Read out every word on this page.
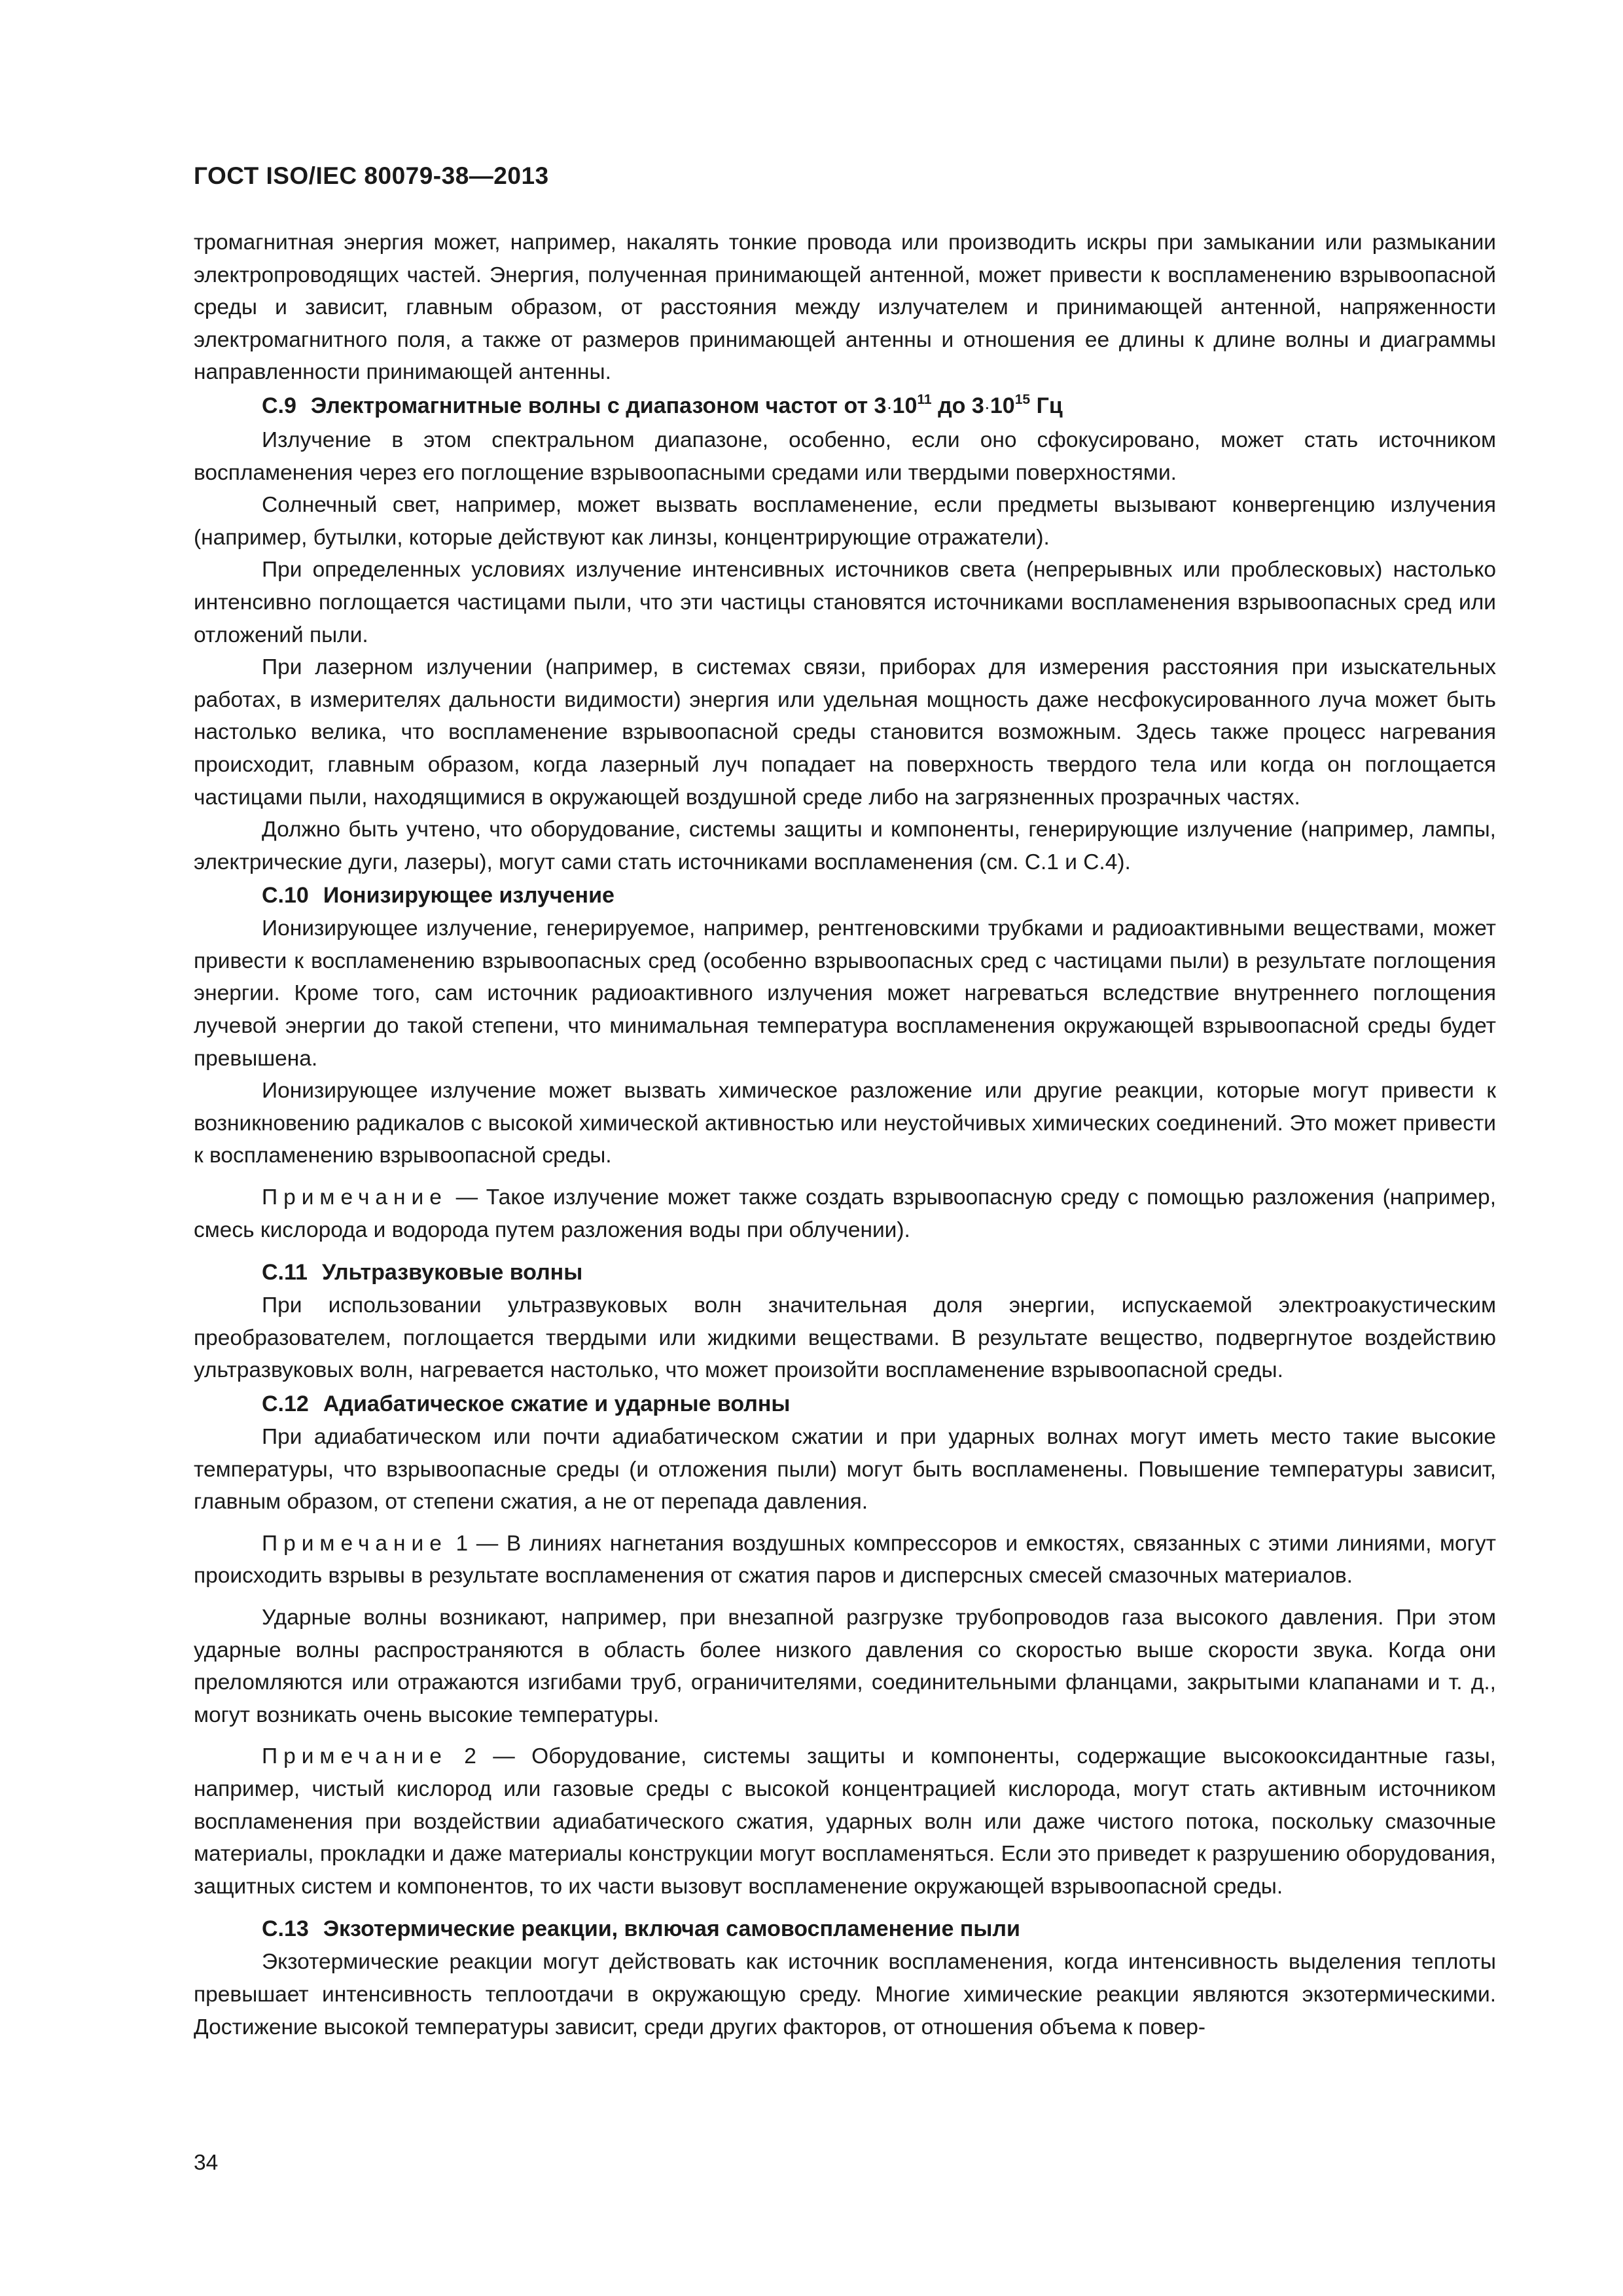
ГОСТ ISO/IEC 80079-38—2013

тромагнитная энергия может, например, накалять тонкие провода или производить искры при замыкании или размыкании электропроводящих частей. Энергия, полученная принимающей антенной, может привести к воспламенению взрывоопасной среды и зависит, главным образом, от расстояния между излучателем и принимающей антенной, напряженности электромагнитного поля, а также от размеров принимающей антенны и отношения ее длины к длине волны и диаграммы направленности принимающей антенны.

С.9 Электромагнитные волны с диапазоном частот от $3\cdot 10^{11}$ до $3\cdot 10^{15}$ Гц

Излучение в этом спектральном диапазоне, особенно, если оно сфокусировано, может стать источником воспламенения через его поглощение взрывоопасными средами или твердыми поверхностями.

Солнечный свет, например, может вызвать воспламенение, если предметы вызывают конвергенцию излучения (например, бутылки, которые действуют как линзы, концентрирующие отражатели).

При определенных условиях излучение интенсивных источников света (непрерывных или проблесковых) настолько интенсивно поглощается частицами пыли, что эти частицы становятся источниками воспламенения взрывоопасных сред или отложений пыли.

При лазерном излучении (например, в системах связи, приборах для измерения расстояния при изыскательных работах, в измерителях дальности видимости) энергия или удельная мощность даже несфокусированного луча может быть настолько велика, что воспламенение взрывоопасной среды становится возможным. Здесь также процесс нагревания происходит, главным образом, когда лазерный луч попадает на поверхность твердого тела или когда он поглощается частицами пыли, находящимися в окружающей воздушной среде либо на загрязненных прозрачных частях.

Должно быть учтено, что оборудование, системы защиты и компоненты, генерирующие излучение (например, лампы, электрические дуги, лазеры), могут сами стать источниками воспламенения (см. С.1 и С.4).

С.10 Ионизирующее излучение

Ионизирующее излучение, генерируемое, например, рентгеновскими трубками и радиоактивными веществами, может привести к воспламенению взрывоопасных сред (особенно взрывоопасных сред с частицами пыли) в результате поглощения энергии. Кроме того, сам источник радиоактивного излучения может нагреваться вследствие внутреннего поглощения лучевой энергии до такой степени, что минимальная температура воспламенения окружающей взрывоопасной среды будет превышена.

Ионизирующее излучение может вызвать химическое разложение или другие реакции, которые могут привести к возникновению радикалов с высокой химической активностью или неустойчивых химических соединений. Это может привести к воспламенению взрывоопасной среды.

Примечание — Такое излучение может также создать взрывоопасную среду с помощью разложения (например, смесь кислорода и водорода путем разложения воды при облучении).

С.11 Ультразвуковые волны

При использовании ультразвуковых волн значительная доля энергии, испускаемой электроакустическим преобразователем, поглощается твердыми или жидкими веществами. В результате вещество, подвергнутое воздействию ультразвуковых волн, нагревается настолько, что может произойти воспламенение взрывоопасной среды.

С.12 Адиабатическое сжатие и ударные волны

При адиабатическом или почти адиабатическом сжатии и при ударных волнах могут иметь место такие высокие температуры, что взрывоопасные среды (и отложения пыли) могут быть воспламенены. Повышение температуры зависит, главным образом, от степени сжатия, а не от перепада давления.

Примечание 1 — В линиях нагнетания воздушных компрессоров и емкостях, связанных с этими линиями, могут происходить взрывы в результате воспламенения от сжатия паров и дисперсных смесей смазочных материалов.

Ударные волны возникают, например, при внезапной разгрузке трубопроводов газа высокого давления. При этом ударные волны распространяются в область более низкого давления со скоростью выше скорости звука. Когда они преломляются или отражаются изгибами труб, ограничителями, соединительными фланцами, закрытыми клапанами и т. д., могут возникать очень высокие температуры.

Примечание 2 — Оборудование, системы защиты и компоненты, содержащие высокооксидантные газы, например, чистый кислород или газовые среды с высокой концентрацией кислорода, могут стать активным источником воспламенения при воздействии адиабатического сжатия, ударных волн или даже чистого потока, поскольку смазочные материалы, прокладки и даже материалы конструкции могут воспламеняться. Если это приведет к разрушению оборудования, защитных систем и компонентов, то их части вызовут воспламенение окружающей взрывоопасной среды.

С.13 Экзотермические реакции, включая самовоспламенение пыли

Экзотермические реакции могут действовать как источник воспламенения, когда интенсивность выделения теплоты превышает интенсивность теплоотдачи в окружающую среду. Многие химические реакции являются экзотермическими. Достижение высокой температуры зависит, среди других факторов, от отношения объема к повер-

34
